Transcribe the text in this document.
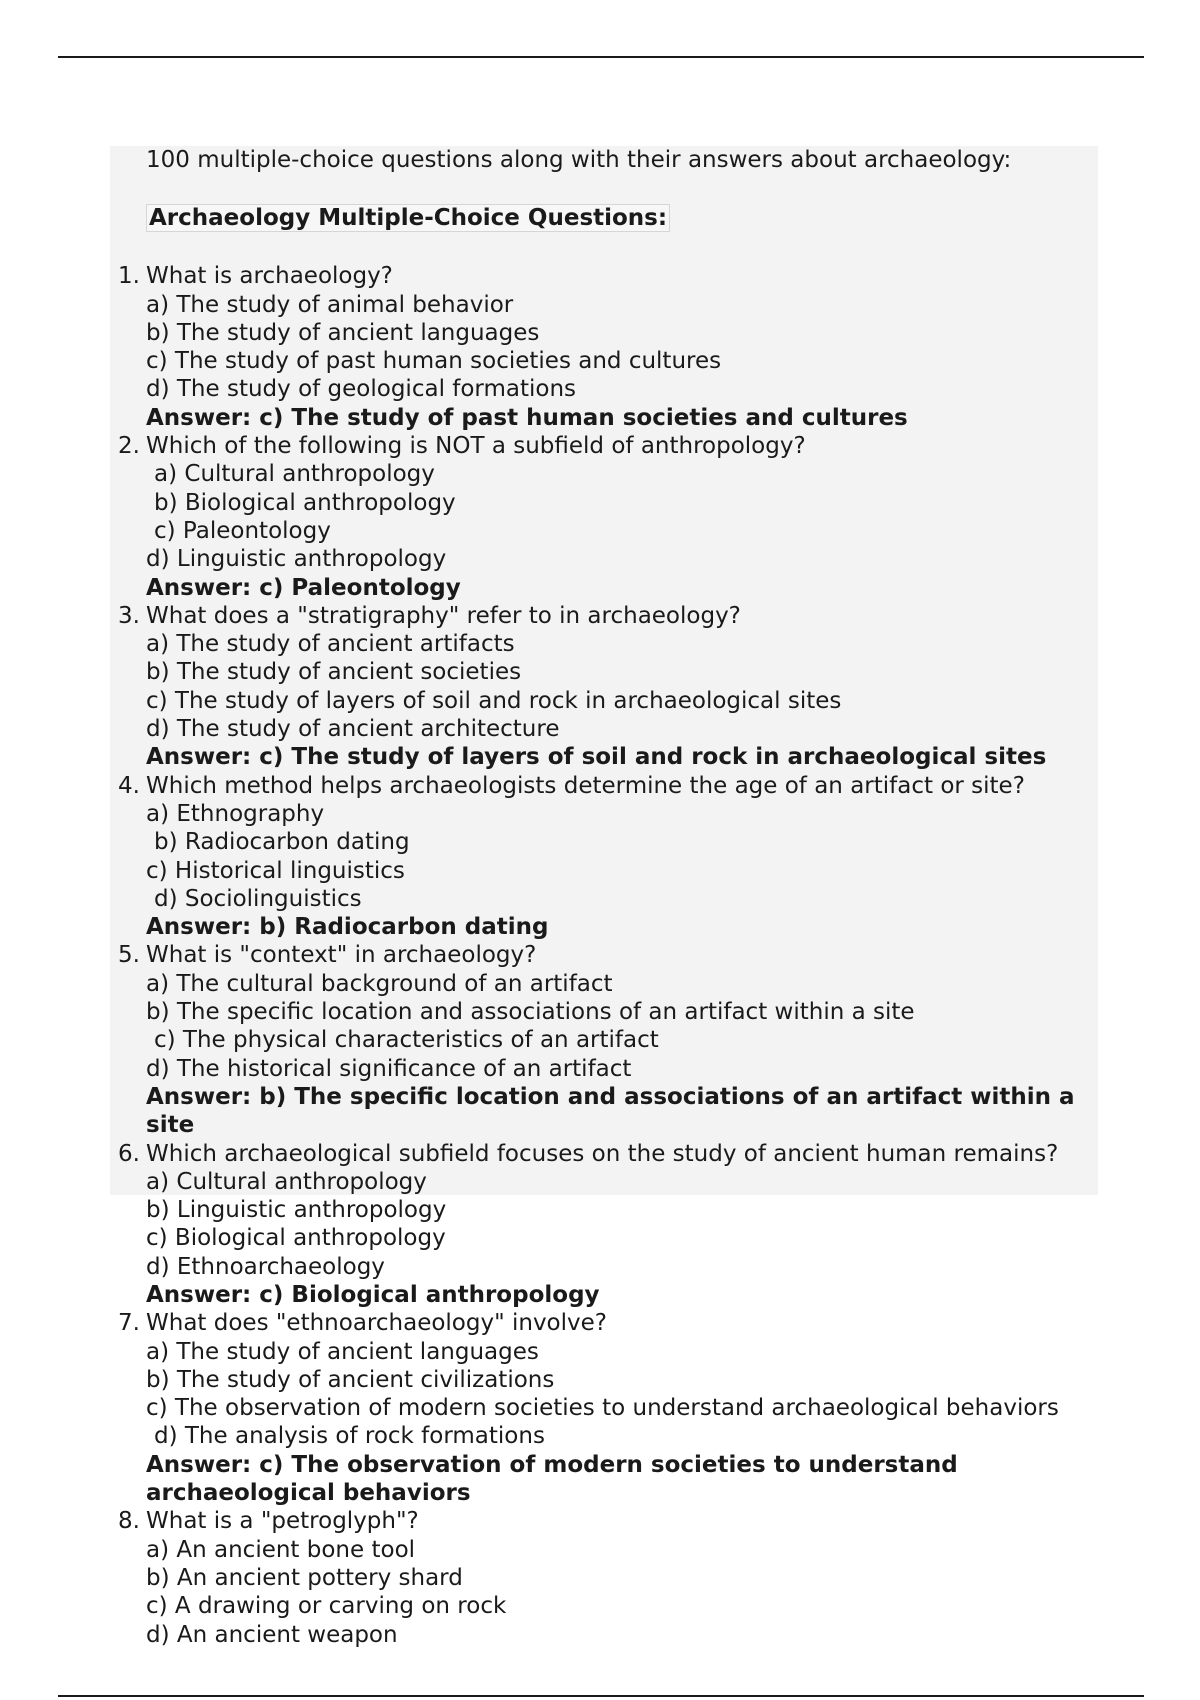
100 multiple-choice questions along with their answers about archaeology:
Archaeology Multiple-Choice Questions:
1. What is archaeology?
a) The study of animal behavior
b) The study of ancient languages
c) The study of past human societies and cultures
d) The study of geological formations
Answer: c) The study of past human societies and cultures
2. Which of the following is NOT a subfield of anthropology?
a) Cultural anthropology
b) Biological anthropology
c) Paleontology
d) Linguistic anthropology
Answer: c) Paleontology
3. What does a "stratigraphy" refer to in archaeology?
a) The study of ancient artifacts
b) The study of ancient societies
c) The study of layers of soil and rock in archaeological sites
d) The study of ancient architecture
Answer: c) The study of layers of soil and rock in archaeological sites
4. Which method helps archaeologists determine the age of an artifact or site?
a) Ethnography
b) Radiocarbon dating
c) Historical linguistics
d) Sociolinguistics
Answer: b) Radiocarbon dating
5. What is "context" in archaeology?
a) The cultural background of an artifact
b) The specific location and associations of an artifact within a site
c) The physical characteristics of an artifact
d) The historical significance of an artifact
Answer: b) The specific location and associations of an artifact within a site
6. Which archaeological subfield focuses on the study of ancient human remains?
a) Cultural anthropology
b) Linguistic anthropology
c) Biological anthropology
d) Ethnoarchaeology
Answer: c) Biological anthropology
7. What does "ethnoarchaeology" involve?
a) The study of ancient languages
b) The study of ancient civilizations
c) The observation of modern societies to understand archaeological behaviors
d) The analysis of rock formations
Answer: c) The observation of modern societies to understand archaeological behaviors
8. What is a "petroglyph"?
a) An ancient bone tool
b) An ancient pottery shard
c) A drawing or carving on rock
d) An ancient weapon
